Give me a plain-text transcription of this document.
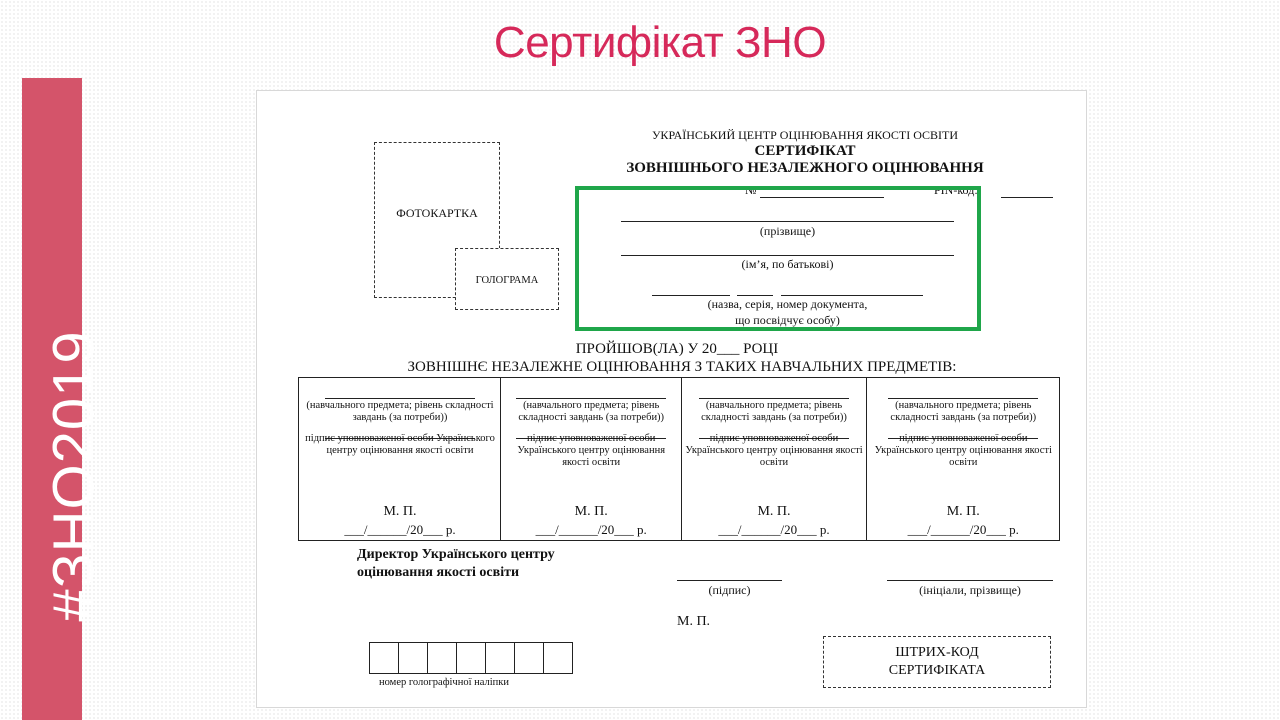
Сертифікат ЗНО
#ЗНО2019
УКРАЇНСЬКИЙ ЦЕНТР ОЦІНЮВАННЯ ЯКОСТІ ОСВІТИ
СЕРТИФІКАТ
ЗОВНІШНЬОГО НЕЗАЛЕЖНОГО ОЦІНЮВАННЯ
№	PIN-код:
ФОТОКАРТКА
ГОЛОГРАМА
(прізвище)
(ім’я, по батькові)
(назва, серія, номер документа,
що посвідчує особу)
ПРОЙШОВ(ЛА) У 20___ РОЦІ
ЗОВНІШНЄ НЕЗАЛЕЖНЕ ОЦІНЮВАННЯ З ТАКИХ НАВЧАЛЬНИХ ПРЕДМЕТІВ:
(навчального предмета; рівень складності завдань (за потреби))
підпис уповноваженої особи Українського центру оцінювання якості освіти
М. П.
___/______/20___ р.
(навчального предмета; рівень складності завдань (за потреби))
підпис уповноваженої особи Українського центру оцінювання якості освіти
М. П.
___/______/20___ р.
(навчального предмета; рівень складності завдань (за потреби))
підпис уповноваженої особи Українського центру оцінювання якості освіти
М. П.
___/______/20___ р.
(навчального предмета; рівень складності завдань (за потреби))
підпис уповноваженої особи Українського центру оцінювання якості освіти
М. П.
___/______/20___ р.
Директор Українського центру
оцінювання якості освіти
(підпис)	(ініціали, прізвище)
М. П.
номер голографічної наліпки
ШТРИХ-КОД
СЕРТИФІКАТА
